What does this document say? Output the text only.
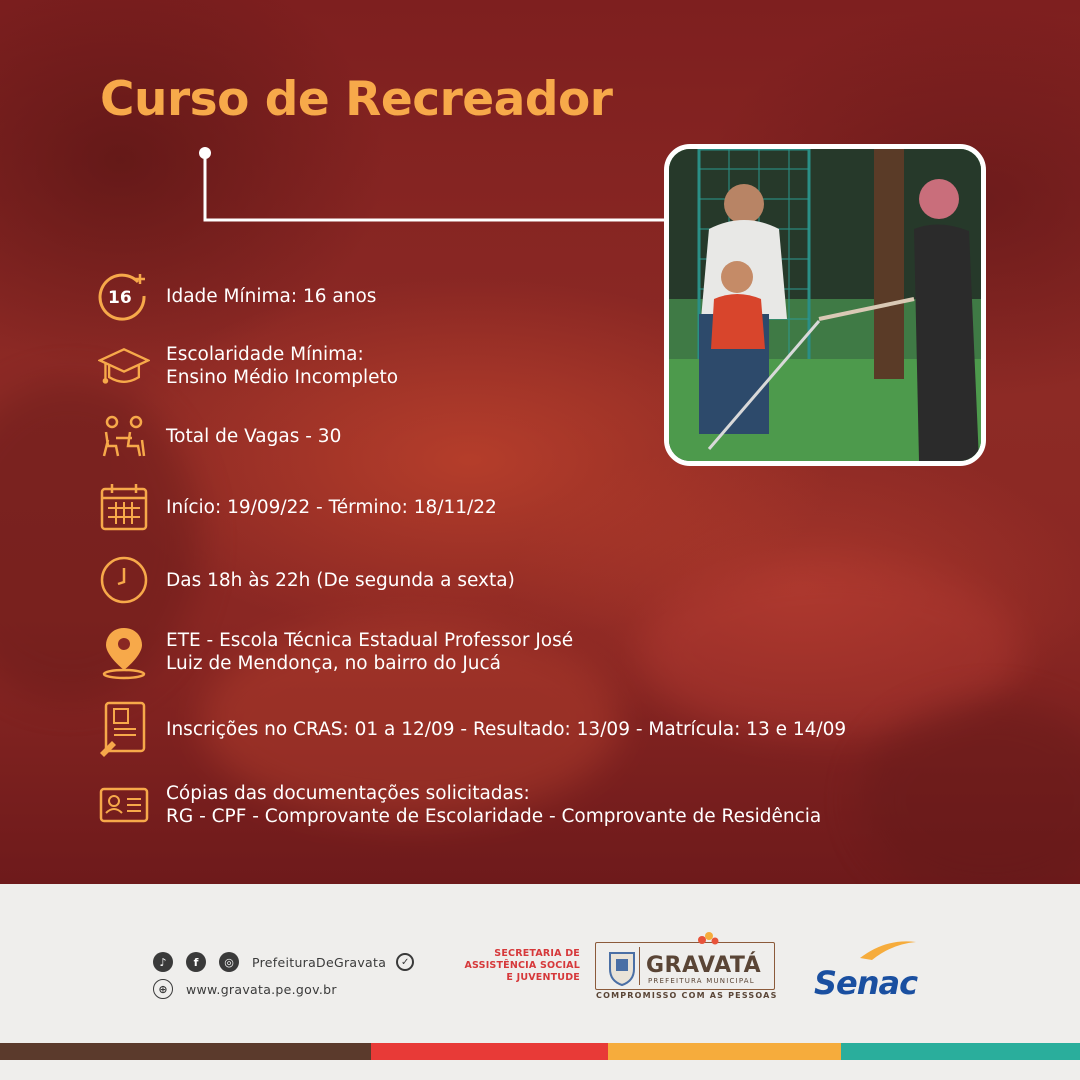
Curso de Recreador
16 Idade Mínima: 16 anos
Escolaridade Mínima:
Ensino Médio Incompleto
Total de Vagas - 30
Início: 19/09/22 - Término: 18/11/22
Das 18h às 22h (De segunda a sexta)
ETE - Escola Técnica Estadual Professor José
Luiz de Mendonça, no bairro do Jucá
Inscrições no CRAS: 01 a 12/09 - Resultado: 13/09 - Matrícula: 13 e 14/09
Cópias das documentações solicitadas:
RG - CPF - Comprovante de Escolaridade - Comprovante de Residência
♪	f	◎	PrefeituraDeGravata	✓
⊕	www.gravata.pe.gov.br
SECRETARIA DE
ASSISTÊNCIA SOCIAL
E JUVENTUDE	GRAVATÁ
PREFEITURA MUNICIPAL
COMPROMISSO COM AS PESSOAS Senac
